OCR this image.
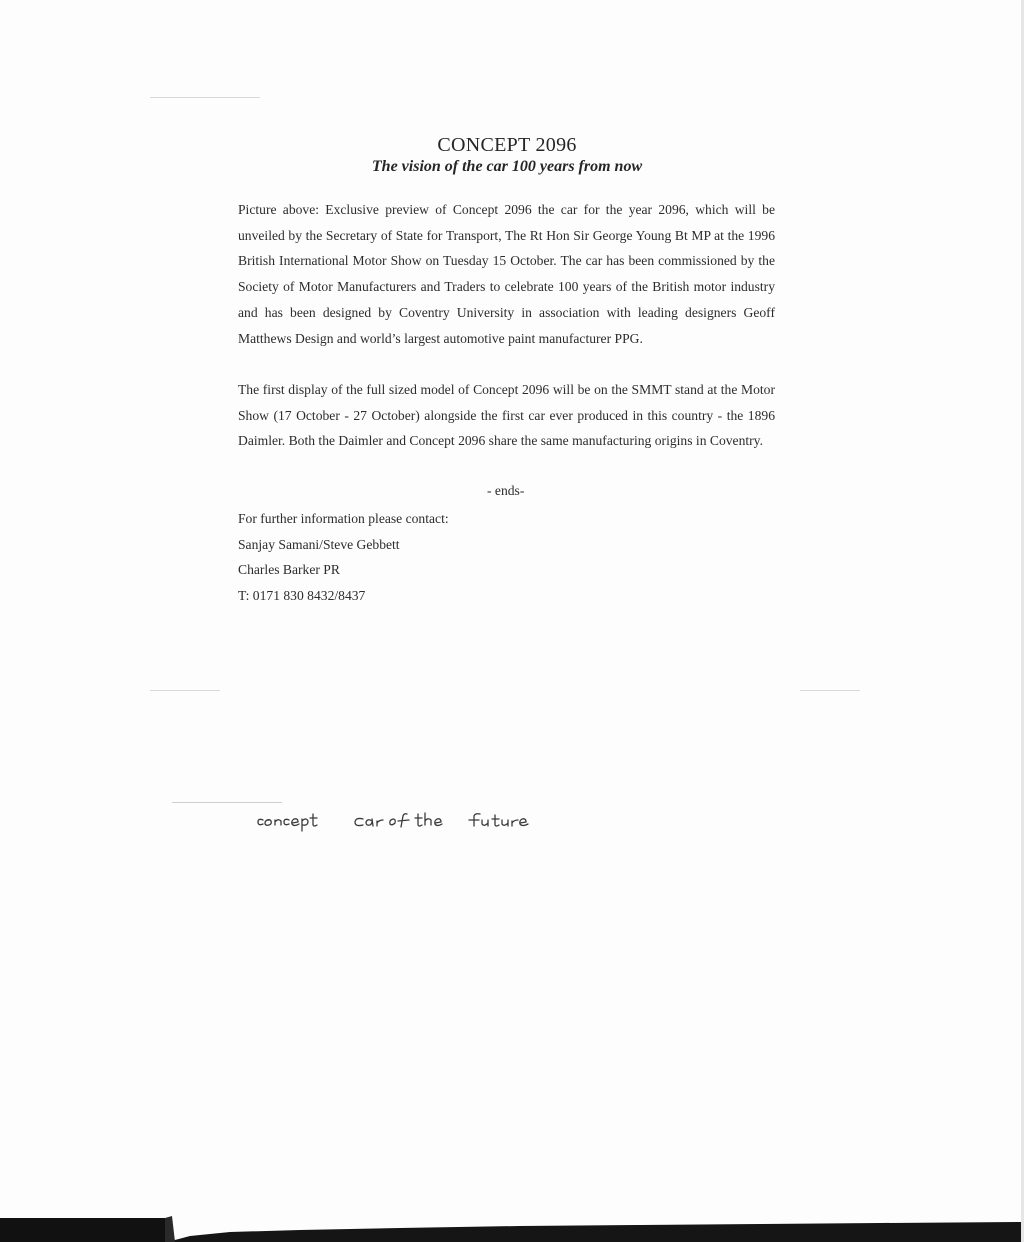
CONCEPT 2096
The vision of the car 100 years from now

Picture above: Exclusive preview of Concept 2096 the car for the year 2096, which will be unveiled by the Secretary of State for Transport, The Rt Hon Sir George Young Bt MP at the 1996 British International Motor Show on Tuesday 15 October. The car has been commissioned by the Society of Motor Manufacturers and Traders to celebrate 100 years of the British motor industry and has been designed by Coventry University in association with leading designers Geoff Matthews Design and world’s largest automotive paint manufacturer PPG.

The first display of the full sized model of Concept 2096 will be on the SMMT stand at the Motor Show (17 October - 27 October) alongside the first car ever produced in this country - the 1896 Daimler. Both the Daimler and Concept 2096 share the same manufacturing origins in Coventry.

- ends-

For further information please contact:
Sanjay Samani/Steve Gebbett
Charles Barker PR
T: 0171 830 8432/8437
